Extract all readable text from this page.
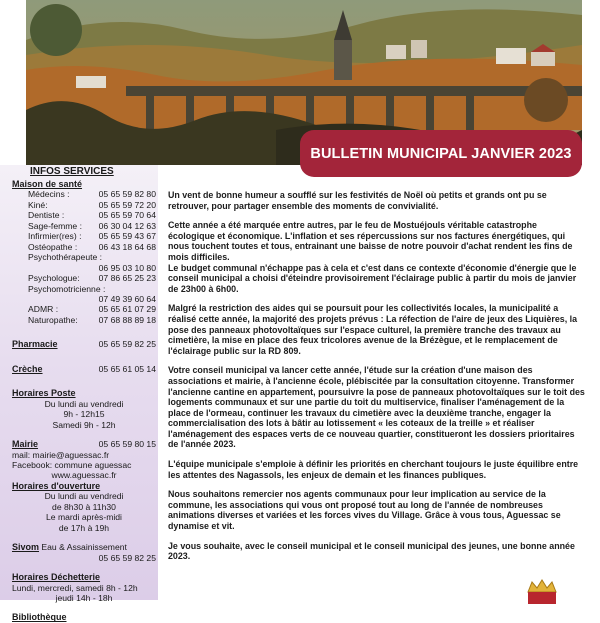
BULLETIN MUNICIPAL JANVIER 2023
INFOS SERVICES
Maison de santé
Médecins :	05 65 59 82 80
Kiné:	05 65 59 72 20
Dentiste :	05 65 59 70 64
Sage-femme : 06 30 04 12 63
Infirmier(res) : 05 65 59 43 67
Ostéopathe : 06 43 18 64 68
Psychothérapeute :
06 95 03 10 80
Psychologue: 07 86 65 25 23
Psychomotricienne :
07 49 39 60 64
ADMR :	05 65 61 07 29
Naturopathe: 07 68 88 89 18
Pharmacie	05 65 59 82 25
Crèche	05 65 61 05 14
Horaires Poste
Du lundi au vendredi
9h - 12h15
Samedi 9h - 12h
Mairie	05 65 59 80 15
mail: mairie@aguessac.fr
Facebook: commune aguessac
www.aguessac.fr
Horaires d'ouverture
Du lundi au vendredi
de 8h30 à 11h30
Le mardi après-midi
de 17h à 19h
Sivom Eau & Assainissement
05 65 59 82 25
Horaires Déchetterie
Lundi, mercredi, samedi 8h - 12h
jeudi 14h - 18h
Bibliothèque

Un vent de bonne humeur a soufflé sur les festivités de Noël où petits et grands ont pu se retrouver, pour partager ensemble des moments de convivialité.

Cette année a été marquée entre autres, par le feu de Mostuéjouls véritable catastrophe écologique et économique. L'inflation et ses répercussions sur nos factures énergétiques, qui nous touchent toutes et tous, entrainant une baisse de notre pouvoir d'achat rendent les fins de mois difficiles.

Le budget communal n'échappe pas à cela et c'est dans ce contexte d'économie d'énergie que le conseil municipal a choisi d'éteindre provisoirement l'éclairage public à partir du mois de janvier de 23h00 à 6h00.

Malgré la restriction des aides qui se poursuit pour les collectivités locales, la municipalité a réalisé cette année, la majorité des projets prévus : La réfection de l'aire de jeux des Liquières, la pose des panneaux photovoltaïques sur l'espace culturel, la première tranche des travaux au cimetière, la mise en place des feux tricolores avenue de la Brézègue, et le remplacement de l'éclairage public sur la RD 809.

Votre conseil municipal va lancer cette année, l'étude sur la création d'une maison des associations et mairie, à l'ancienne école, plébiscitée par la consultation citoyenne. Transformer l'ancienne cantine en appartement, poursuivre la pose de panneaux photovoltaïques sur le toit des logements communaux et sur une partie du toit du multiservice, finaliser l'aménagement de la place de l'ormeau, continuer les travaux du cimetière avec la deuxième tranche, engager la commercialisation des lots à bâtir au lotissement « les coteaux de la treille » et réaliser l'aménagement des espaces verts de ce nouveau quartier, constitueront les dossiers prioritaires de l'année 2023.

L'équipe municipale s'emploie à définir les priorités en cherchant toujours le juste équilibre entre les attentes des Nagassols, les enjeux de demain et les finances publiques.

Nous souhaitons remercier nos agents communaux pour leur implication au service de la commune, les associations qui vous ont proposé tout au long de l'année de nombreuses animations diverses et variées et les forces vives du Village. Grâce à vous tous, Aguessac se dynamise et vit.

Je vous souhaite, avec le conseil municipal et le conseil municipal des jeunes, une bonne année 2023.
